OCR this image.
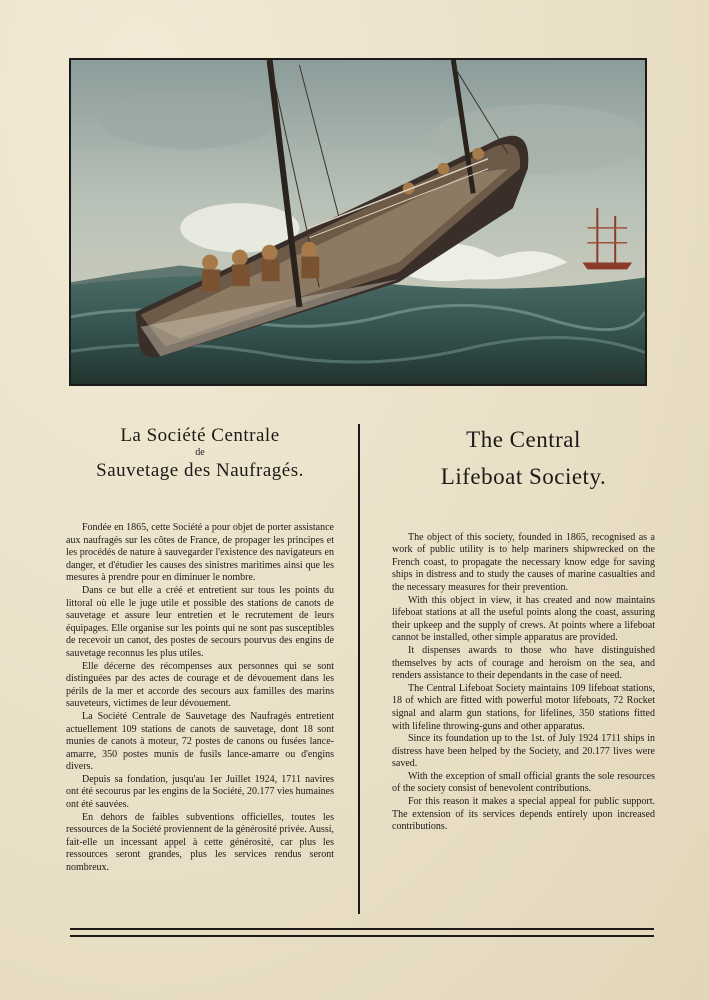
Jean Droit
La Société Centrale
de
Sauvetage des Naufragés.

Fondée en 1865, cette Société a pour objet de porter assistance aux naufragés sur les côtes de France, de propager les principes et les procédés de nature à sauvegarder l'existence des navigateurs en danger, et d'étudier les causes des sinistres maritimes ainsi que les mesures à prendre pour en diminuer le nombre.

Dans ce but elle a créé et entretient sur tous les points du littoral où elle le juge utile et possible des stations de canots de sauvetage et assure leur entretien et le recrutement de leurs équipages. Elle organise sur les points qui ne sont pas susceptibles de recevoir un canot, des postes de secours pourvus des engins de sauvetage reconnus les plus utiles.

Elle décerne des récompenses aux personnes qui se sont distinguées par des actes de courage et de dévouement dans les périls de la mer et accorde des secours aux familles des marins sauveteurs, victimes de leur dévouement.

La Société Centrale de Sauvetage des Naufragés entretient actuellement 109 stations de canots de sauvetage, dont 18 sont munies de canots à moteur, 72 postes de canons ou fusées lance-amarre, 350 postes munis de fusils lance-amarre ou d'engins divers.

Depuis sa fondation, jusqu'au 1er Juillet 1924, 1711 navires ont été secourus par les engins de la Société, 20.177 vies humaines ont été sauvées.

En dehors de faibles subventions officielles, toutes les ressources de la Société proviennent de la générosité privée. Aussi, fait-elle un incessant appel à cette générosité, car plus les ressources seront grandes, plus les services rendus seront nombreux.

The Central
Lifeboat Society.

The object of this society, founded in 1865, recognised as a work of public utility is to help mariners shipwrecked on the French coast, to propagate the necessary know edge for saving ships in distress and to study the causes of marine casualties and the necessary measures for their prevention.

With this object in view, it has created and now maintains lifeboat stations at all the useful points along the coast, assuring their upkeep and the supply of crews. At points where a lifeboat cannot be installed, other simple apparatus are provided.

It dispenses awards to those who have distinguished themselves by acts of courage and heroism on the sea, and renders assistance to their dependants in the case of need.

The Central Lifeboat Society maintains 109 lifeboat stations, 18 of which are fitted with powerful motor lifeboats, 72 Rocket signal and alarm gun stations, for lifelines, 350 stations fitted with lifeline throwing-guns and other apparatus.

Since its foundation up to the 1st. of July 1924 1711 ships in distress have been helped by the Society, and 20.177 lives were saved.

With the exception of small official grants the sole resources of the society consist of benevolent contributions.

For this reason it makes a special appeal for public support. The extension of its services depends entirely upon increased contributions.
